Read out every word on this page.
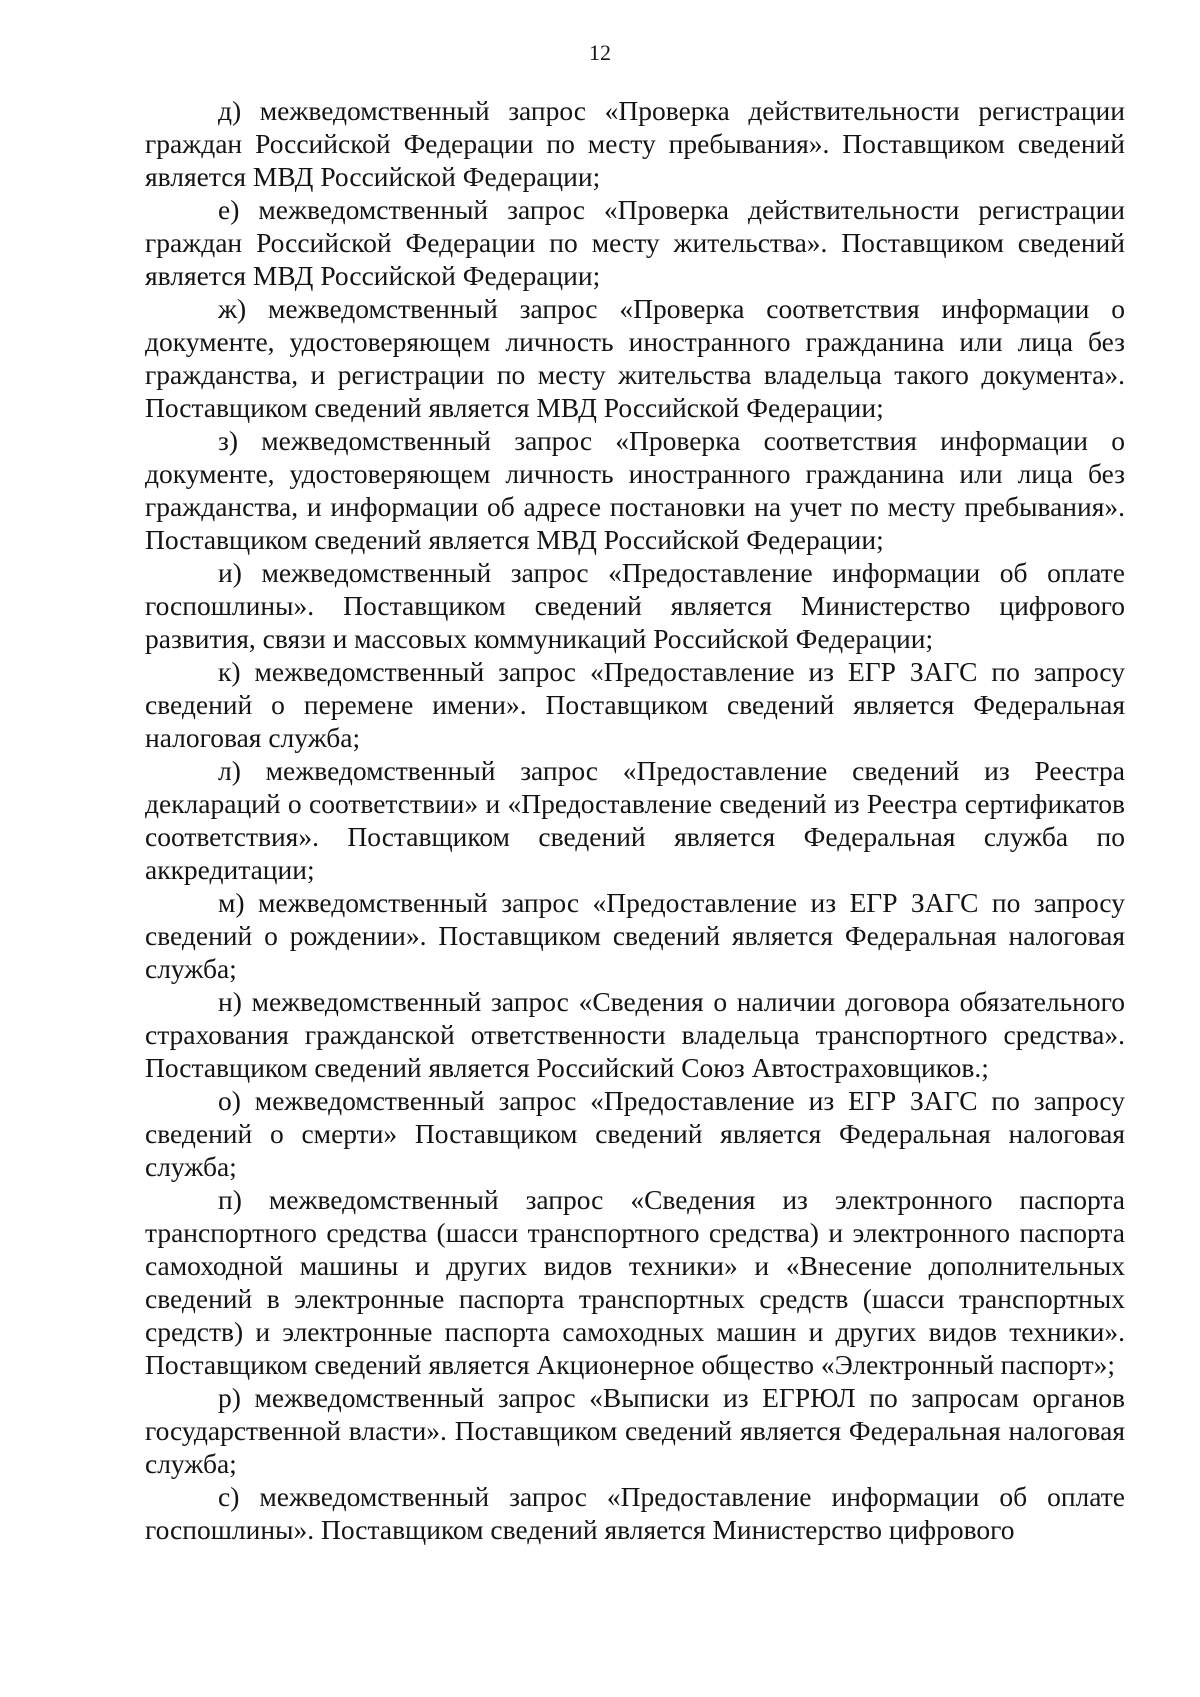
12

д) межведомственный запрос «Проверка действительности регистрации граждан Российской Федерации по месту пребывания». Поставщиком сведений является МВД Российской Федерации;

е) межведомственный запрос «Проверка действительности регистрации граждан Российской Федерации по месту жительства». Поставщиком сведений является МВД Российской Федерации;

ж) межведомственный запрос «Проверка соответствия информации о документе, удостоверяющем личность иностранного гражданина или лица без гражданства, и регистрации по месту жительства владельца такого документа». Поставщиком сведений является МВД Российской Федерации;

з) межведомственный запрос «Проверка соответствия информации о документе, удостоверяющем личность иностранного гражданина или лица без гражданства, и информации об адресе постановки на учет по месту пребывания». Поставщиком сведений является МВД Российской Федерации;

и) межведомственный запрос «Предоставление информации об оплате госпошлины». Поставщиком сведений является Министерство цифрового развития, связи и массовых коммуникаций Российской Федерации;

к) межведомственный запрос «Предоставление из ЕГР ЗАГС по запросу сведений о перемене имени». Поставщиком сведений является Федеральная налоговая служба;

л) межведомственный запрос «Предоставление сведений из Реестра деклараций о соответствии» и «Предоставление сведений из Реестра сертификатов соответствия». Поставщиком сведений является Федеральная служба по аккредитации;

м) межведомственный запрос «Предоставление из ЕГР ЗАГС по запросу сведений о рождении». Поставщиком сведений является Федеральная налоговая служба;

н) межведомственный запрос «Сведения о наличии договора обязательного страхования гражданской ответственности владельца транспортного средства». Поставщиком сведений является Российский Союз Автостраховщиков.;

о) межведомственный запрос «Предоставление из ЕГР ЗАГС по запросу сведений о смерти» Поставщиком сведений является Федеральная налоговая служба;

п) межведомственный запрос «Сведения из электронного паспорта транспортного средства (шасси транспортного средства) и электронного паспорта самоходной машины и других видов техники» и «Внесение дополнительных сведений в электронные паспорта транспортных средств (шасси транспортных средств) и электронные паспорта самоходных машин и других видов техники». Поставщиком сведений является Акционерное общество «Электронный паспорт»;

р) межведомственный запрос «Выписки из ЕГРЮЛ по запросам органов государственной власти». Поставщиком сведений является Федеральная налоговая служба;

с) межведомственный запрос «Предоставление информации об оплате госпошлины». Поставщиком сведений является Министерство цифрового
